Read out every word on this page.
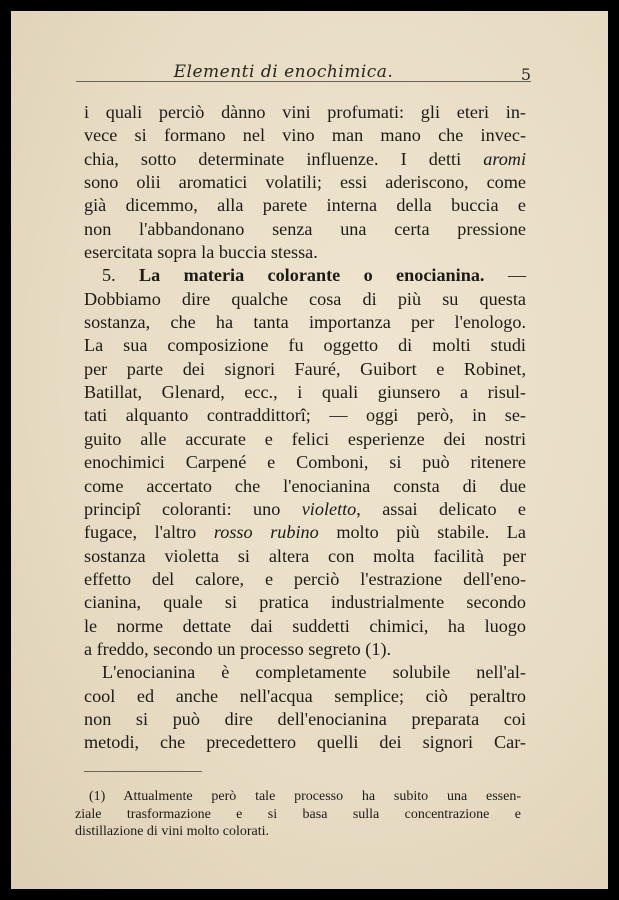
Elementi di enochimica.	5
i quali perciò dànno vini profumati: gli eteri in-
vece si formano nel vino man mano che invec-
chia, sotto determinate influenze. I detti aromi
sono olii aromatici volatili; essi aderiscono, come
già dicemmo, alla parete interna della buccia e
non l'abbandonano senza una certa pressione
esercitata sopra la buccia stessa.
5. La materia colorante o enocianina. —
Dobbiamo dire qualche cosa di più su questa
sostanza, che ha tanta importanza per l'enologo.
La sua composizione fu oggetto di molti studi
per parte dei signori Fauré, Guibort e Robinet,
Batillat, Glenard, ecc., i quali giunsero a risul-
tati alquanto contraddittorî; — oggi però, in se-
guito alle accurate e felici esperienze dei nostri
enochimici Carpené e Comboni, si può ritenere
come accertato che l'enocianina consta di due
principî coloranti: uno violetto, assai delicato e
fugace, l'altro rosso rubino molto più stabile. La
sostanza violetta si altera con molta facilità per
effetto del calore, e perciò l'estrazione dell'eno-
cianina, quale si pratica industrialmente secondo
le norme dettate dai suddetti chimici, ha luogo
a freddo, secondo un processo segreto (1).
L'enocianina è completamente solubile nell'al-
cool ed anche nell'acqua semplice; ciò peraltro
non si può dire dell'enocianina preparata coi
metodi, che precedettero quelli dei signori Car-
(1) Attualmente però tale processo ha subito una essen-
ziale trasformazione e si basa sulla concentrazione e
distillazione di vini molto colorati.
